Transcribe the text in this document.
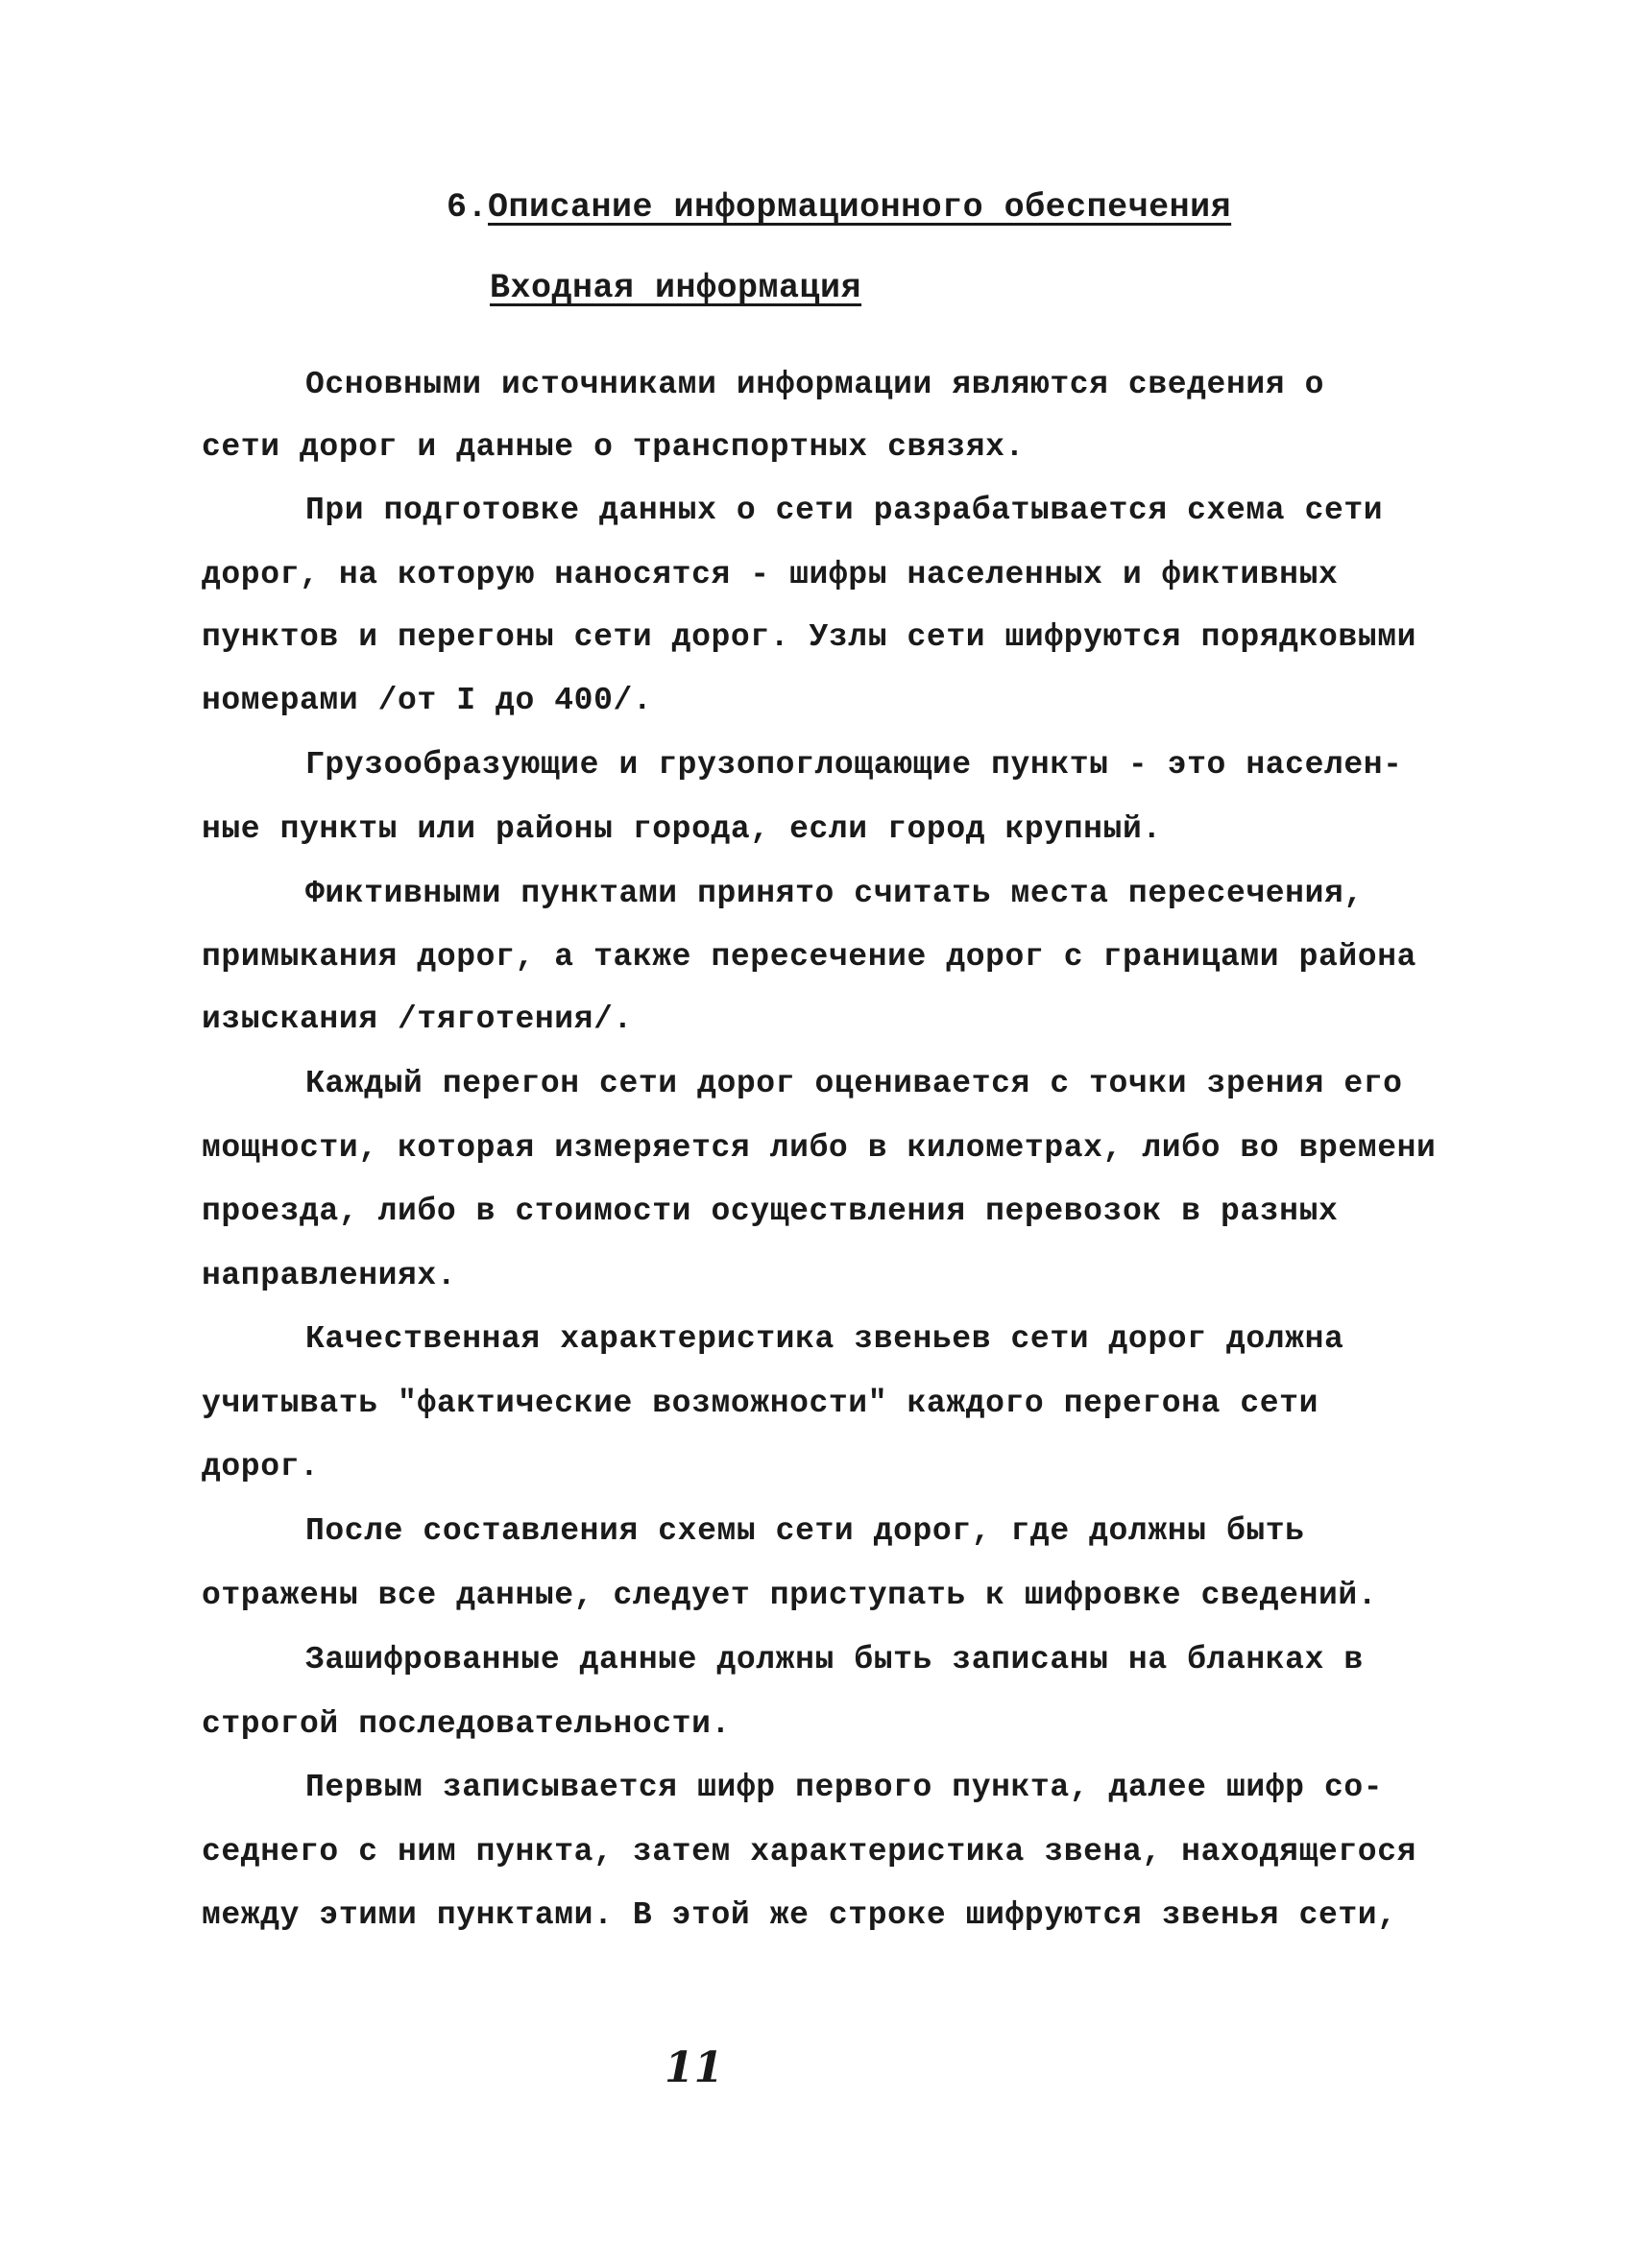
6.Описание информационного обеспечения
Входная информация
Основными источниками информации являются сведения о
сети дорог и данные о транспортных связях.
При подготовке данных о сети разрабатывается схема сети
дорог, на которую наносятся - шифры населенных и фиктивных
пунктов и перегоны сети дорог. Узлы сети шифруются порядковыми
номерами /от I до 400/.
Грузообразующие и грузопоглощающие пункты - это населен-
ные пункты или районы города, если город крупный.
Фиктивными пунктами принято считать места пересечения,
примыкания дорог, а также пересечение дорог с границами района
изыскания /тяготения/.
Каждый перегон сети дорог оценивается с точки зрения его
мощности, которая измеряется либо в километрах, либо во времени
проезда, либо в стоимости осуществления перевозок в разных
направлениях.
Качественная характеристика звеньев сети дорог должна
учитывать "фактические возможности" каждого перегона сети
дорог.
После составления схемы сети дорог, где должны быть
отражены все данные, следует приступать к шифровке сведений.
Зашифрованные данные должны быть записаны на бланках в
строгой последовательности.
Первым записывается шифр первого пункта, далее шифр со-
седнего с ним пункта, затем характеристика звена, находящегося
между этими пунктами. В этой же строке шифруются звенья сети,
11
